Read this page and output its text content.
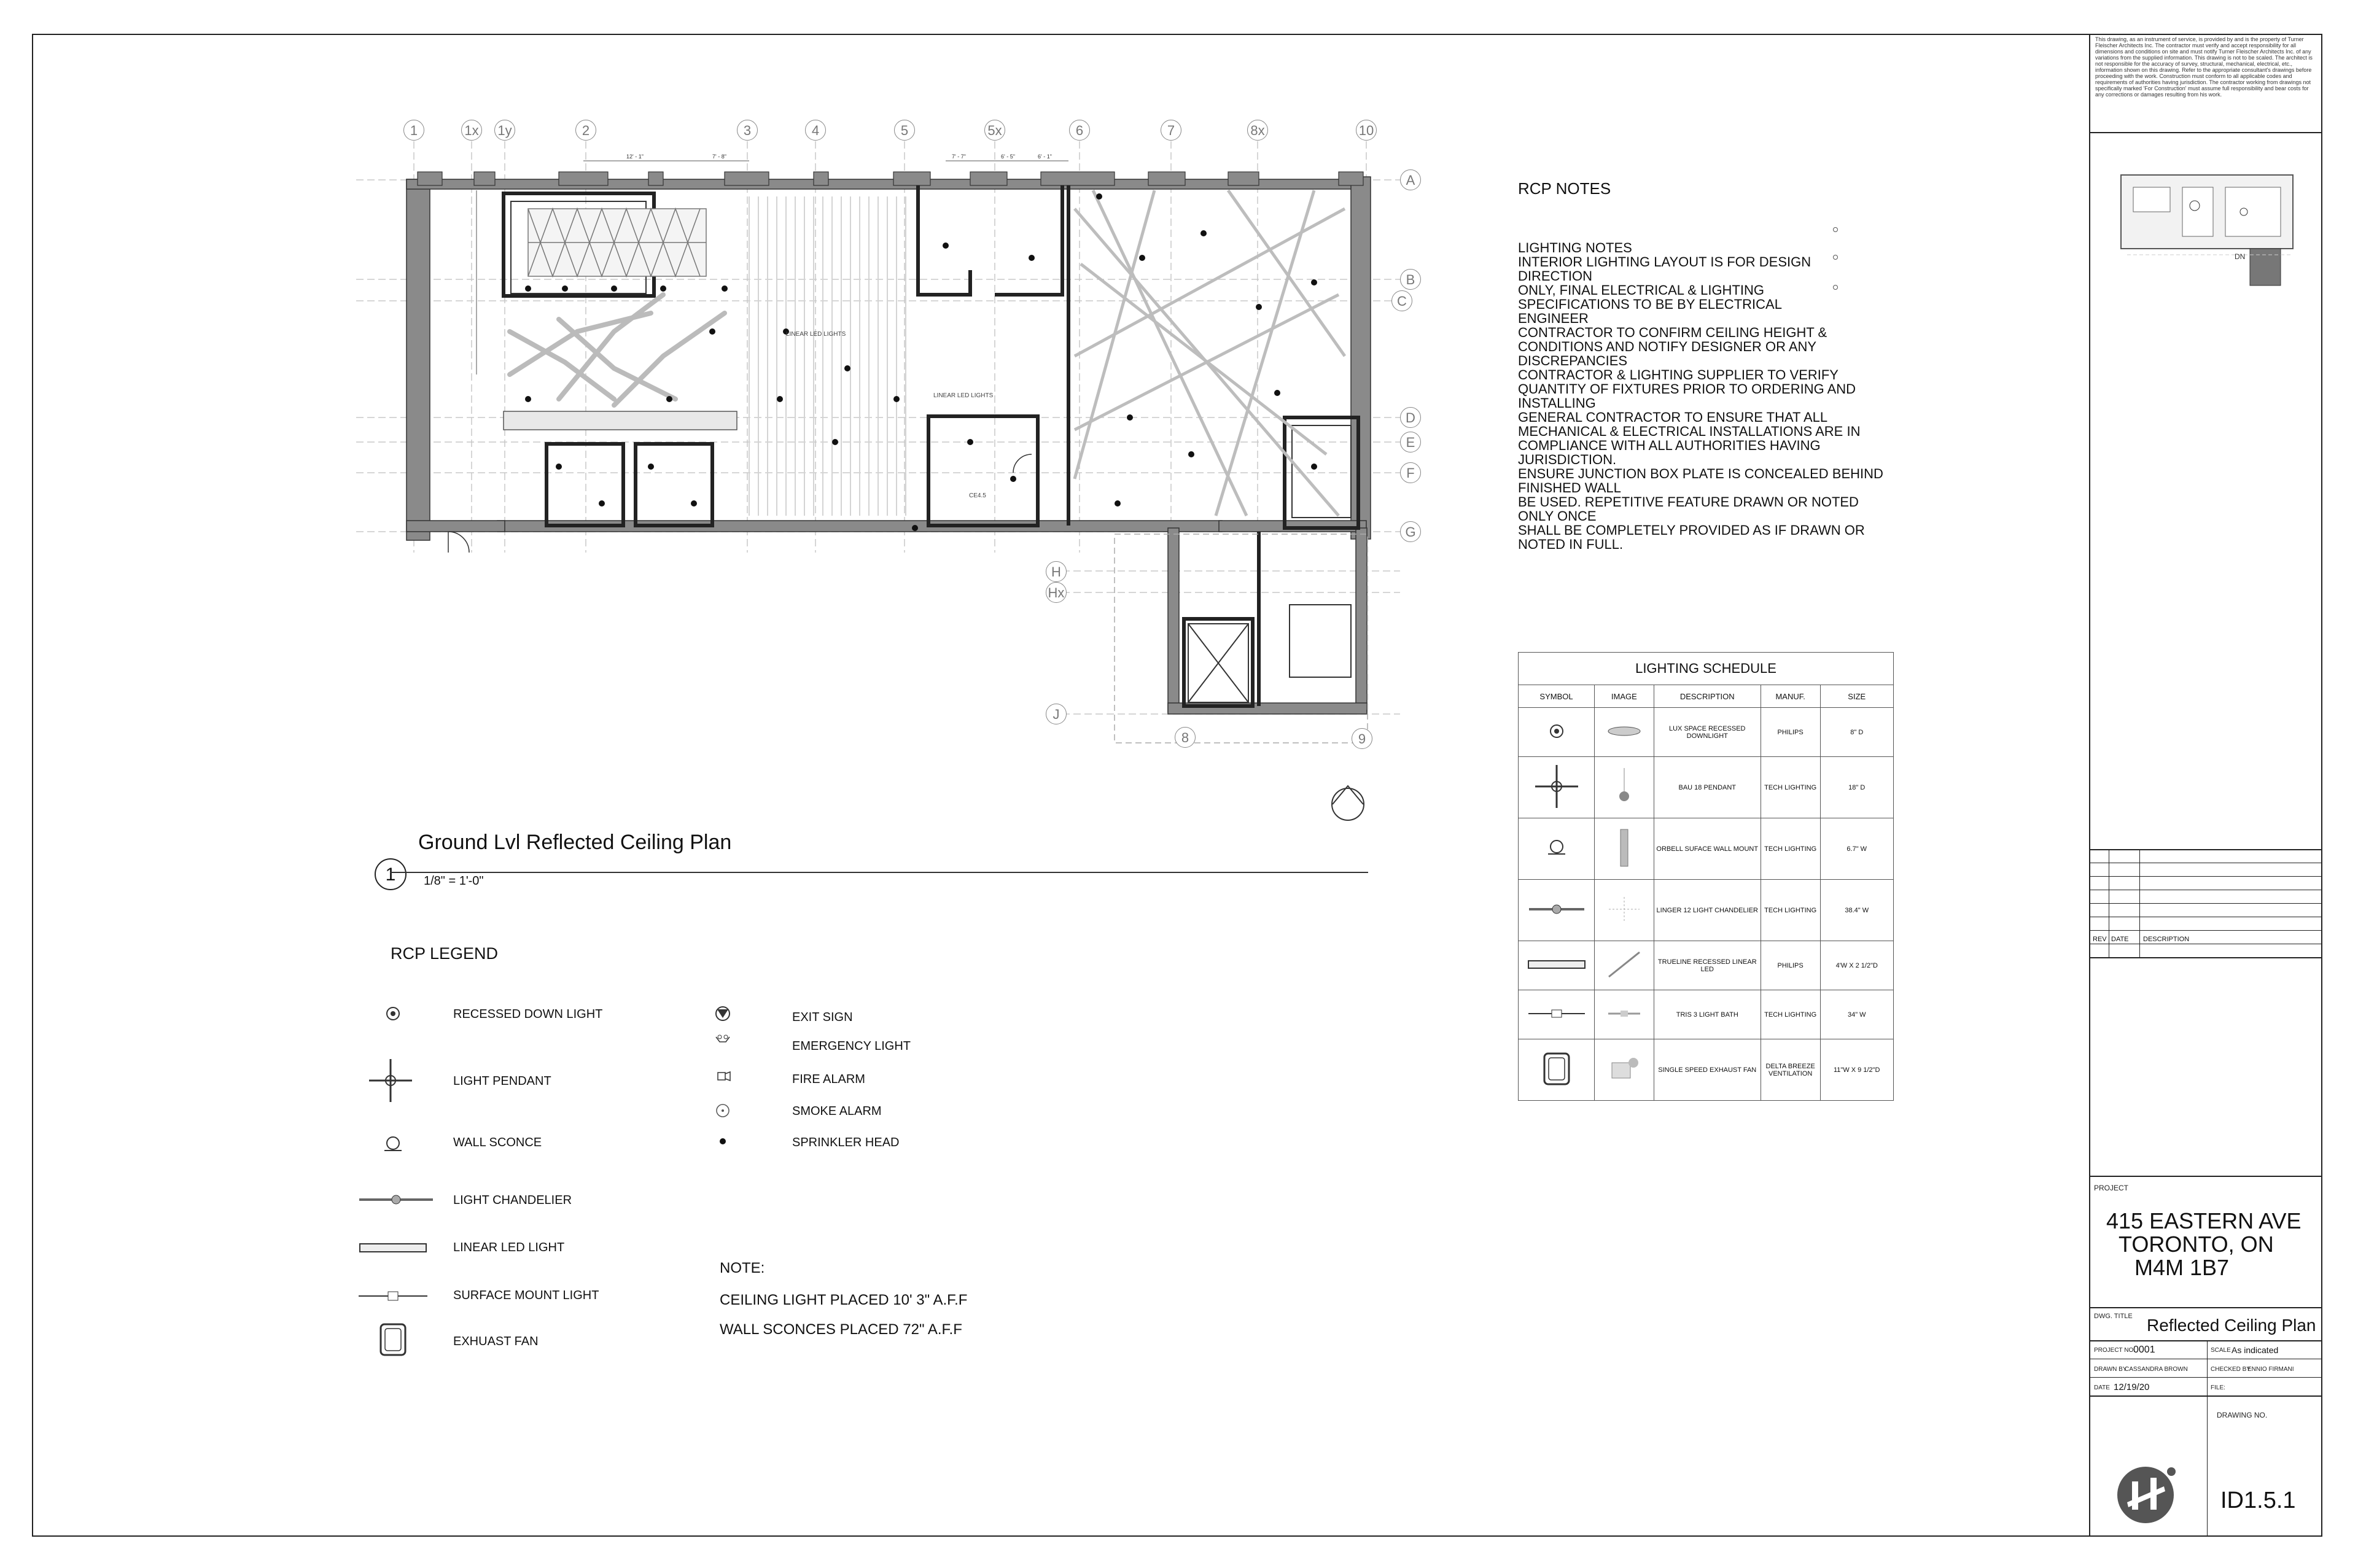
12' - 1"	7' - 8"	7' - 7"	6' - 5"	6' - 1"
LINEAR LED LIGHTS
LINEAR LED LIGHTS
CE4.5
1	1x 1y	2	3	4	5	5x	6	7	8x	10
A
B
C
D
E
F
G
H
Hx
J
8	9
1
Ground Lvl Reflected Ceiling Plan
1/8" = 1'-0"
RCP NOTES
LIGHTING NOTES
INTERIOR LIGHTING LAYOUT IS FOR DESIGN
DIRECTION
ONLY, FINAL ELECTRICAL & LIGHTING
SPECIFICATIONS TO BE BY ELECTRICAL
ENGINEER
CONTRACTOR TO CONFIRM CEILING HEIGHT &
CONDITIONS AND NOTIFY DESIGNER OR ANY
DISCREPANCIES
CONTRACTOR & LIGHTING SUPPLIER TO VERIFY
QUANTITY OF FIXTURES PRIOR TO ORDERING AND
INSTALLING
GENERAL CONTRACTOR TO ENSURE THAT ALL
MECHANICAL & ELECTRICAL INSTALLATIONS ARE IN
COMPLIANCE WITH ALL AUTHORITIES HAVING
JURISDICTION.
ENSURE JUNCTION BOX PLATE IS CONCEALED BEHIND
FINISHED WALL
BE USED. REPETITIVE FEATURE DRAWN OR NOTED
ONLY ONCE
SHALL BE COMPLETELY PROVIDED AS IF DRAWN OR
NOTED IN FULL.
LIGHTING SCHEDULE				
SYMBOL	IMAGE	DESCRIPTION	MANUF.	SIZE
		LUX SPACE RECESSED DOWNLIGHT	PHILIPS	8" D
		BAU 18 PENDANT	TECH LIGHTING	18" D
		ORBELL SUFACE WALL MOUNT	TECH LIGHTING	6.7" W
		LINGER 12 LIGHT CHANDELIER	TECH LIGHTING	38.4" W
		TRUELINE RECESSED LINEAR LED	PHILIPS	4'W X 2 1/2"D
		TRIS 3 LIGHT BATH	TECH LIGHTING	34" W
		SINGLE SPEED EXHAUST FAN	DELTA BREEZE VENTILATION	11"W X 9 1/2"D
RCP LEGEND
RECESSED DOWN LIGHT
LIGHT PENDANT
WALL SCONCE
LIGHT CHANDELIER
LINEAR LED LIGHT
SURFACE MOUNT LIGHT
EXHUAST FAN
EXIT SIGN
EMERGENCY LIGHT
FIRE ALARM
SMOKE ALARM
SPRINKLER HEAD
NOTE:
CEILING LIGHT PLACED 10' 3" A.F.F
WALL SCONCES PLACED 72" A.F.F
This drawing, as an instrument of service, is provided by and is the property of Turner Fleischer Architects Inc. The contractor must verify and accept responsibility for all dimensions and conditions on site and must notify Turner Fleischer Architects Inc. of any variations from the supplied information. This drawing is not to be scaled. The architect is not responsible for the accuracy of survey, structural, mechanical, electrical, etc., information shown on this drawing. Refer to the appropriate consultant's drawings before proceeding with the work. Construction must conform to all applicable codes and requirements of authorities having jurisdiction. The contractor working from drawings not specifically marked 'For Construction' must assume full responsibility and bear costs for any corrections or damages resulting from his work.
DN
REV DATE DESCRIPTION
PROJECT
415 EASTERN AVE
TORONTO, ON
M4M 1B7
DWG. TITLE Reflected Ceiling Plan
PROJECT NO.
0001	SCALE As indicated
DRAWN BY
CASSANDRA BROWN	CHECKED BY
ENNIO FIRMANI
DATE 12/19/20	FILE:
DRAWING NO.
ID1.5.1
